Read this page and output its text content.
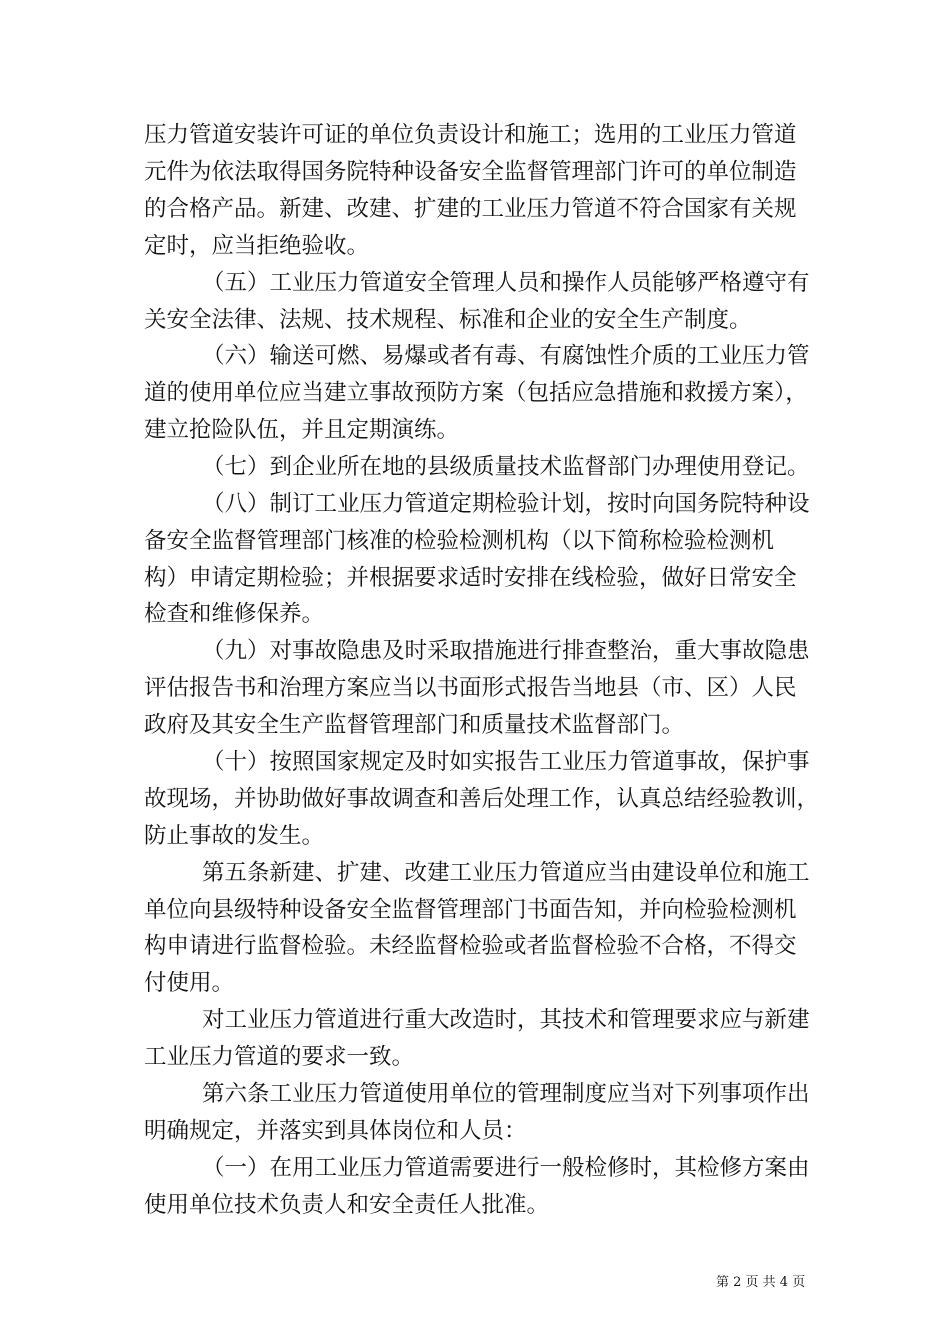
压力管道安装许可证的单位负责设计和施工；选用的工业压力管道
元件为依法取得国务院特种设备安全监督管理部门许可的单位制造
的合格产品。新建、改建、扩建的工业压力管道不符合国家有关规
定时，应当拒绝验收。
（五）工业压力管道安全管理人员和操作人员能够严格遵守有
关安全法律、法规、技术规程、标准和企业的安全生产制度。
（六）输送可燃、易爆或者有毒、有腐蚀性介质的工业压力管
道的使用单位应当建立事故预防方案（包括应急措施和救援方案），
建立抢险队伍，并且定期演练。
（七）到企业所在地的县级质量技术监督部门办理使用登记。
（八）制订工业压力管道定期检验计划，按时向国务院特种设
备安全监督管理部门核准的检验检测机构（以下简称检验检测机
构）申请定期检验；并根据要求适时安排在线检验，做好日常安全
检查和维修保养。
（九）对事故隐患及时采取措施进行排查整治，重大事故隐患
评估报告书和治理方案应当以书面形式报告当地县（市、区）人民
政府及其安全生产监督管理部门和质量技术监督部门。
（十）按照国家规定及时如实报告工业压力管道事故，保护事
故现场，并协助做好事故调查和善后处理工作，认真总结经验教训，
防止事故的发生。
第五条新建、扩建、改建工业压力管道应当由建设单位和施工
单位向县级特种设备安全监督管理部门书面告知，并向检验检测机
构申请进行监督检验。未经监督检验或者监督检验不合格，不得交
付使用。
对工业压力管道进行重大改造时，其技术和管理要求应与新建
工业压力管道的要求一致。
第六条工业压力管道使用单位的管理制度应当对下列事项作出
明确规定，并落实到具体岗位和人员：
（一）在用工业压力管道需要进行一般检修时，其检修方案由
使用单位技术负责人和安全责任人批准。
第 2 页 共 4 页
